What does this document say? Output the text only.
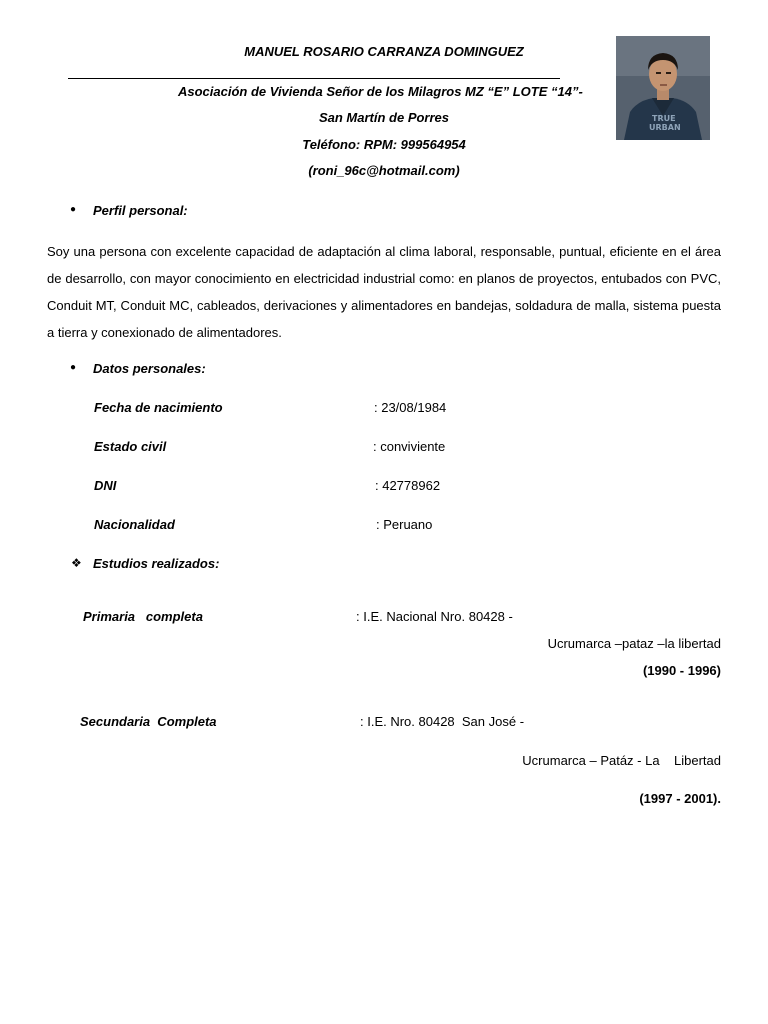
MANUEL ROSARIO CARRANZA DOMINGUEZ
Asociación de Vivienda Señor de los Milagros MZ “E” LOTE “14”-
San Martín de Porres
Teléfono: RPM: 999564954
(roni_96c@hotmail.com)
TRUE
URBAN
● Perfil personal:
Soy una persona con excelente capacidad de adaptación al clima laboral, responsable, puntual, eficiente en el área de desarrollo, con mayor conocimiento en electricidad industrial como: en planos de proyectos, entubados con PVC, Conduit MT, Conduit MC, cableados, derivaciones y alimentadores en bandejas, soldadura de malla, sistema puesta a tierra y conexionado de alimentadores.
● Datos personales:
Fecha de nacimiento	: 23/08/1984
Estado civil	: conviviente
DNI	: 42778962
Nacionalidad	: Peruano
❖ Estudios realizados:
Primaria   completa	: I.E. Nacional Nro. 80428 -
Ucrumarca –pataz –la libertad
(1990 - 1996)
Secundaria  Completa	: I.E. Nro. 80428  San José -
Ucrumarca – Patáz - La    Libertad
(1997 - 2001).
